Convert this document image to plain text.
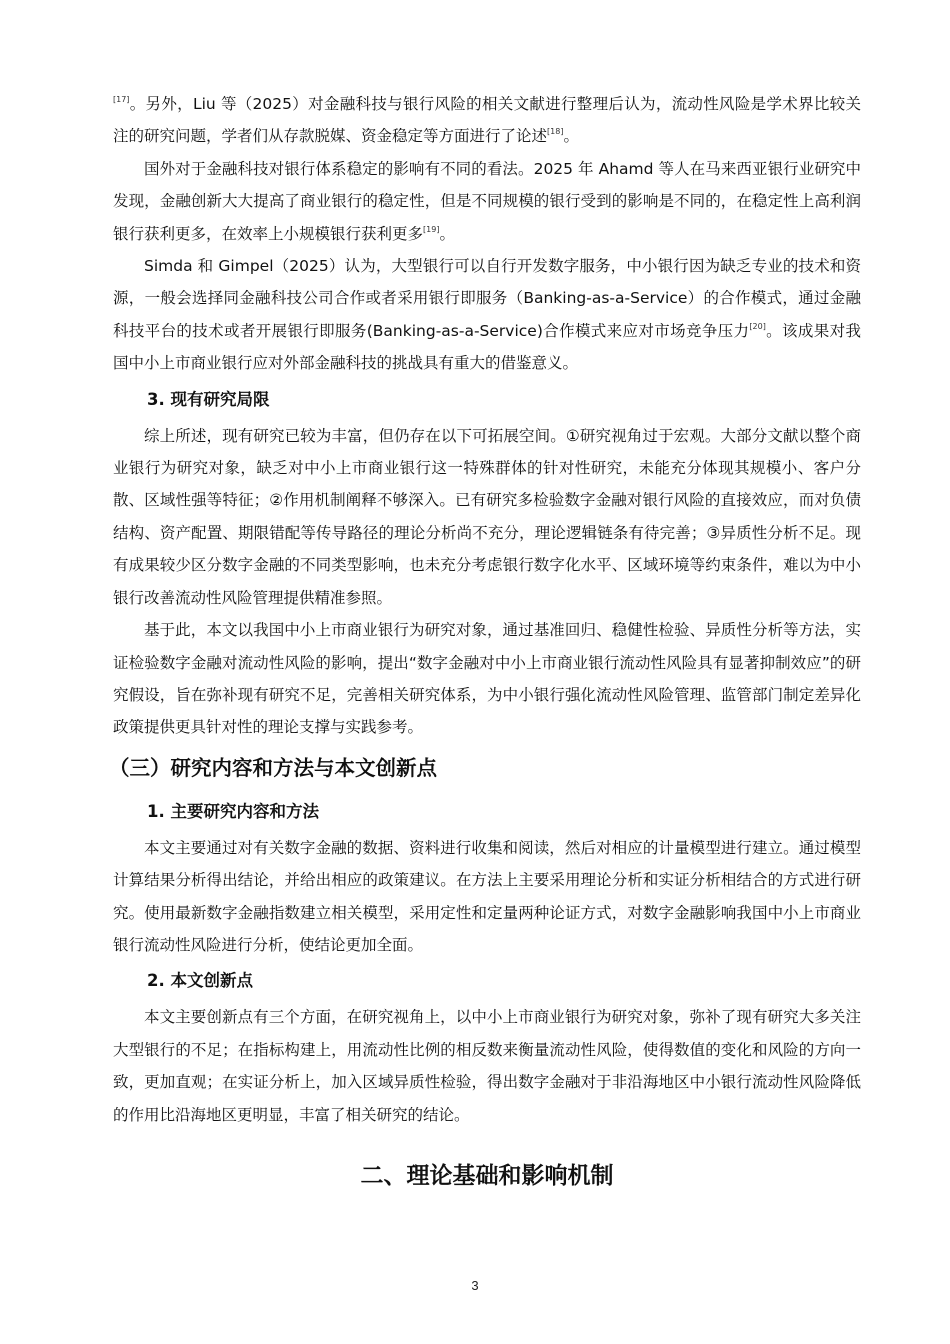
[17]。另外，Liu 等（2025）对金融科技与银行风险的相关文献进行整理后认为，流动性风险是学术界比较关注的研究问题，学者们从存款脱媒、资金稳定等方面进行了论述[18]。

国外对于金融科技对银行体系稳定的影响有不同的看法。2025 年 Ahamd 等人在马来西亚银行业研究中发现，金融创新大大提高了商业银行的稳定性，但是不同规模的银行受到的影响是不同的，在稳定性上高利润银行获利更多，在效率上小规模银行获利更多[19]。

Simda 和 Gimpel（2025）认为，大型银行可以自行开发数字服务，中小银行因为缺乏专业的技术和资源，一般会选择同金融科技公司合作或者采用银行即服务（Banking-as-a-Service）的合作模式，通过金融科技平台的技术或者开展银行即服务(Banking-as-a-Service)合作模式来应对市场竞争压力[20]。该成果对我国中小上市商业银行应对外部金融科技的挑战具有重大的借鉴意义。

3. 现有研究局限

综上所述，现有研究已较为丰富，但仍存在以下可拓展空间。①研究视角过于宏观。大部分文献以整个商业银行为研究对象，缺乏对中小上市商业银行这一特殊群体的针对性研究，未能充分体现其规模小、客户分散、区域性强等特征；②作用机制阐释不够深入。已有研究多检验数字金融对银行风险的直接效应，而对负债结构、资产配置、期限错配等传导路径的理论分析尚不充分，理论逻辑链条有待完善；③异质性分析不足。现有成果较少区分数字金融的不同类型影响，也未充分考虑银行数字化水平、区域环境等约束条件，难以为中小银行改善流动性风险管理提供精准参照。

基于此，本文以我国中小上市商业银行为研究对象，通过基准回归、稳健性检验、异质性分析等方法，实证检验数字金融对流动性风险的影响，提出“数字金融对中小上市商业银行流动性风险具有显著抑制效应”的研究假设，旨在弥补现有研究不足，完善相关研究体系，为中小银行强化流动性风险管理、监管部门制定差异化政策提供更具针对性的理论支撑与实践参考。

（三）研究内容和方法与本文创新点
1. 主要研究内容和方法

本文主要通过对有关数字金融的数据、资料进行收集和阅读，然后对相应的计量模型进行建立。通过模型计算结果分析得出结论，并给出相应的政策建议。在方法上主要采用理论分析和实证分析相结合的方式进行研究。使用最新数字金融指数建立相关模型，采用定性和定量两种论证方式，对数字金融影响我国中小上市商业银行流动性风险进行分析，使结论更加全面。

2. 本文创新点

本文主要创新点有三个方面，在研究视角上，以中小上市商业银行为研究对象，弥补了现有研究大多关注大型银行的不足；在指标构建上，用流动性比例的相反数来衡量流动性风险，使得数值的变化和风险的方向一致，更加直观；在实证分析上，加入区域异质性检验，得出数字金融对于非沿海地区中小银行流动性风险降低的作用比沿海地区更明显，丰富了相关研究的结论。

二、理论基础和影响机制
3
